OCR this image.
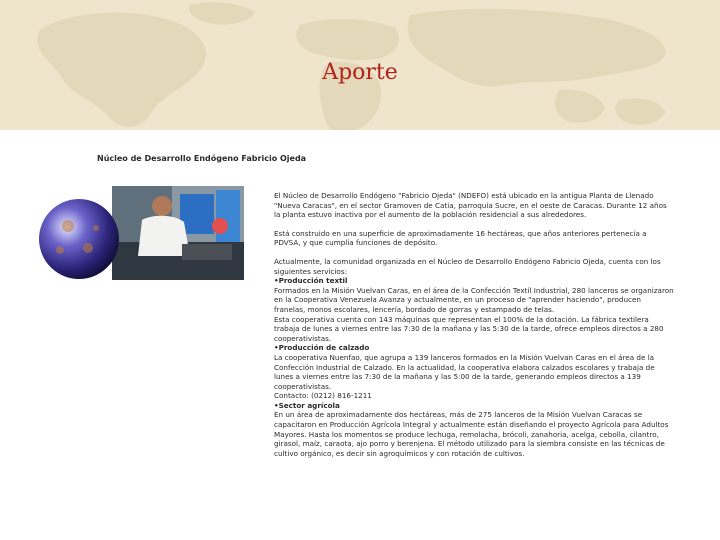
Aporte
Núcleo de Desarrollo Endógeno Fabricio Ojeda

El Núcleo de Desarrollo Endógeno "Fabricio Ojeda" (NDEFO) está ubicado en la antigua Planta de Llenado "Nueva Caracas", en el sector Gramoven de Catia, parroquia Sucre, en el oeste de Caracas. Durante 12 años la planta estuvo inactiva por el aumento de la población residencial a sus alrededores.

Está construido en una superficie de aproximadamente 16 hectáreas, que años anteriores pertenecía a PDVSA, y que cumplía funciones de depósito.

Actualmente, la comunidad organizada en el Núcleo de Desarrollo Endógeno Fabricio Ojeda, cuenta con los siguientes servicios:
•Producción textil
Formados en la Misión Vuelvan Caras, en el área de la Confección Textil Industrial, 280 lanceros se organizaron en la Cooperativa Venezuela Avanza y actualmente, en un proceso de "aprender haciendo", producen franelas, monos escolares, lencería, bordado de gorras y estampado de telas.
Esta cooperativa cuenta con 143 máquinas que representan el 100% de la dotación. La fábrica textilera trabaja de lunes a viernes entre las 7:30 de la mañana y las 5:30 de la tarde, ofrece empleos directos a 280 cooperativistas.
•Producción de calzado
La cooperativa Nuenfao, que agrupa a 139 lanceros formados en la Misión Vuelvan Caras en el área de la Confección Industrial de Calzado. En la actualidad, la cooperativa elabora calzados escolares y trabaja de lunes a viernes entre las 7:30 de la mañana y las 5:00 de la tarde, generando empleos directos a 139 cooperativistas.
Contacto: (0212) 816-1211
•Sector agrícola
En un área de aproximadamente dos hectáreas, más de 275 lanceros de la Misión Vuelvan Caracas se capacitaron en Producción Agrícola Integral y actualmente están diseñando el proyecto Agrícola para Adultos Mayores. Hasta los momentos se produce lechuga, remolacha, brócoli, zanahoria, acelga, cebolla, cilantro, girasol, maíz, caraota, ajo porro y berenjena. El método utilizado para la siembra consiste en las técnicas de cultivo orgánico, es decir sin agroquímicos y con rotación de cultivos.
